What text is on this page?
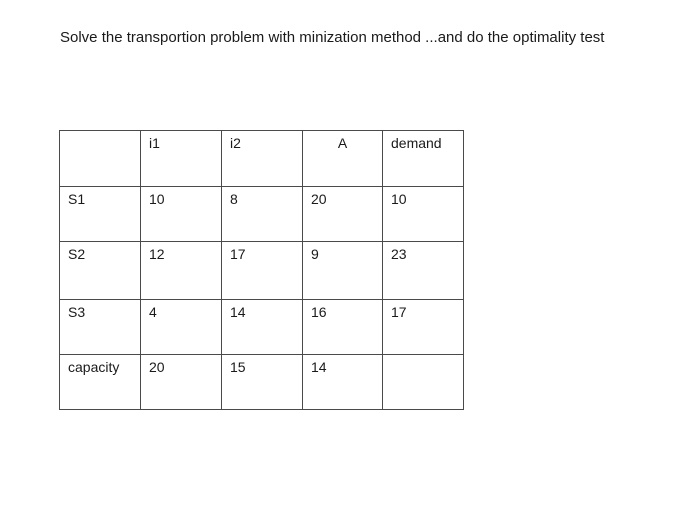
Solve the transportion problem with minization method ...and do the optimality test
	i1	i2	A	demand
S1	10	8	20	10
S2	12	17	9	23
S3	4	14	16	17
capacity	20	15	14	
